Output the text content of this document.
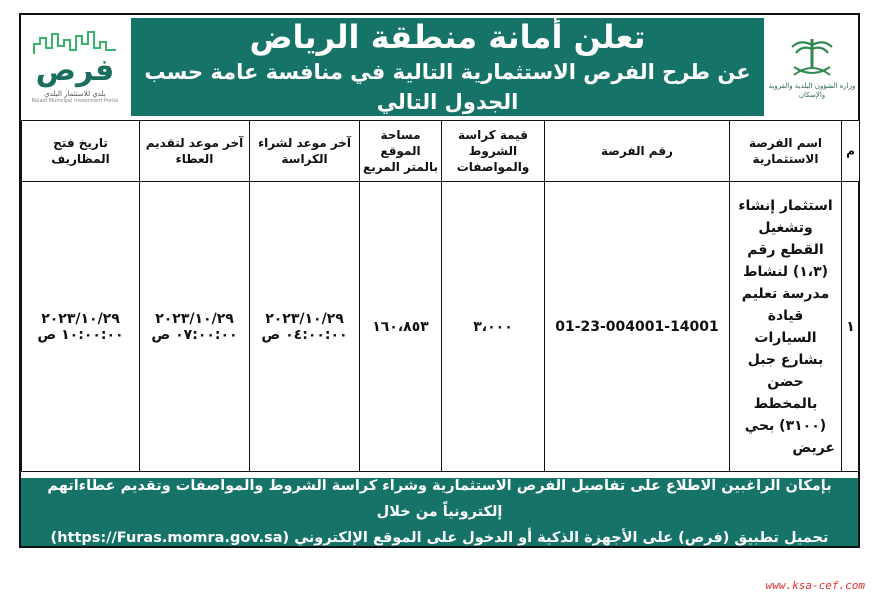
فرص
بلدي للاستثمار البلدي
Baladi Municipal Investment Portal
تعلن أمانة منطقة الرياض
عن طرح الفرص الاستثمارية التالية في منافسة عامة حسب الجدول التالي
وزارة الشؤون البلدية والقروية والإسكان
م	اسم الفرصة الاستثمارية	رقم الفرصة	قيمة كراسة الشروط والمواصفات	مساحة الموقع بالمتر المربع	آخر موعد لشراء الكراسة	آخر موعد لتقديم العطاء	تاريخ فتح المظاريف
١	استثمار إنشاء وتشغيل القطع رقم (١،٣) لنشاط مدرسة تعليم قيادة السيارات بشارع جبل حضن بالمخطط (٣١٠٠) بحي عريض	01-23-004001-14001	٣،٠٠٠	١٦٠،٨٥٣	٢٠٢٣/١٠/٢٩ ٠٤:٠٠:٠٠ ص	٢٠٢٣/١٠/٢٩ ٠٧:٠٠:٠٠ ص	٢٠٢٣/١٠/٢٩ ١٠:٠٠:٠٠ ص
بإمكان الراغبين الاطلاع على تفاصيل الفرص الاستثمارية وشراء كراسة الشروط والمواصفات وتقديم عطاءاتهم إلكترونياً من خلال
تحميل تطبيق (فرص) على الأجهزة الذكية أو الدخول على الموقع الإلكتروني (https://Furas.momra.gov.sa)
www.ksa-cef.com
